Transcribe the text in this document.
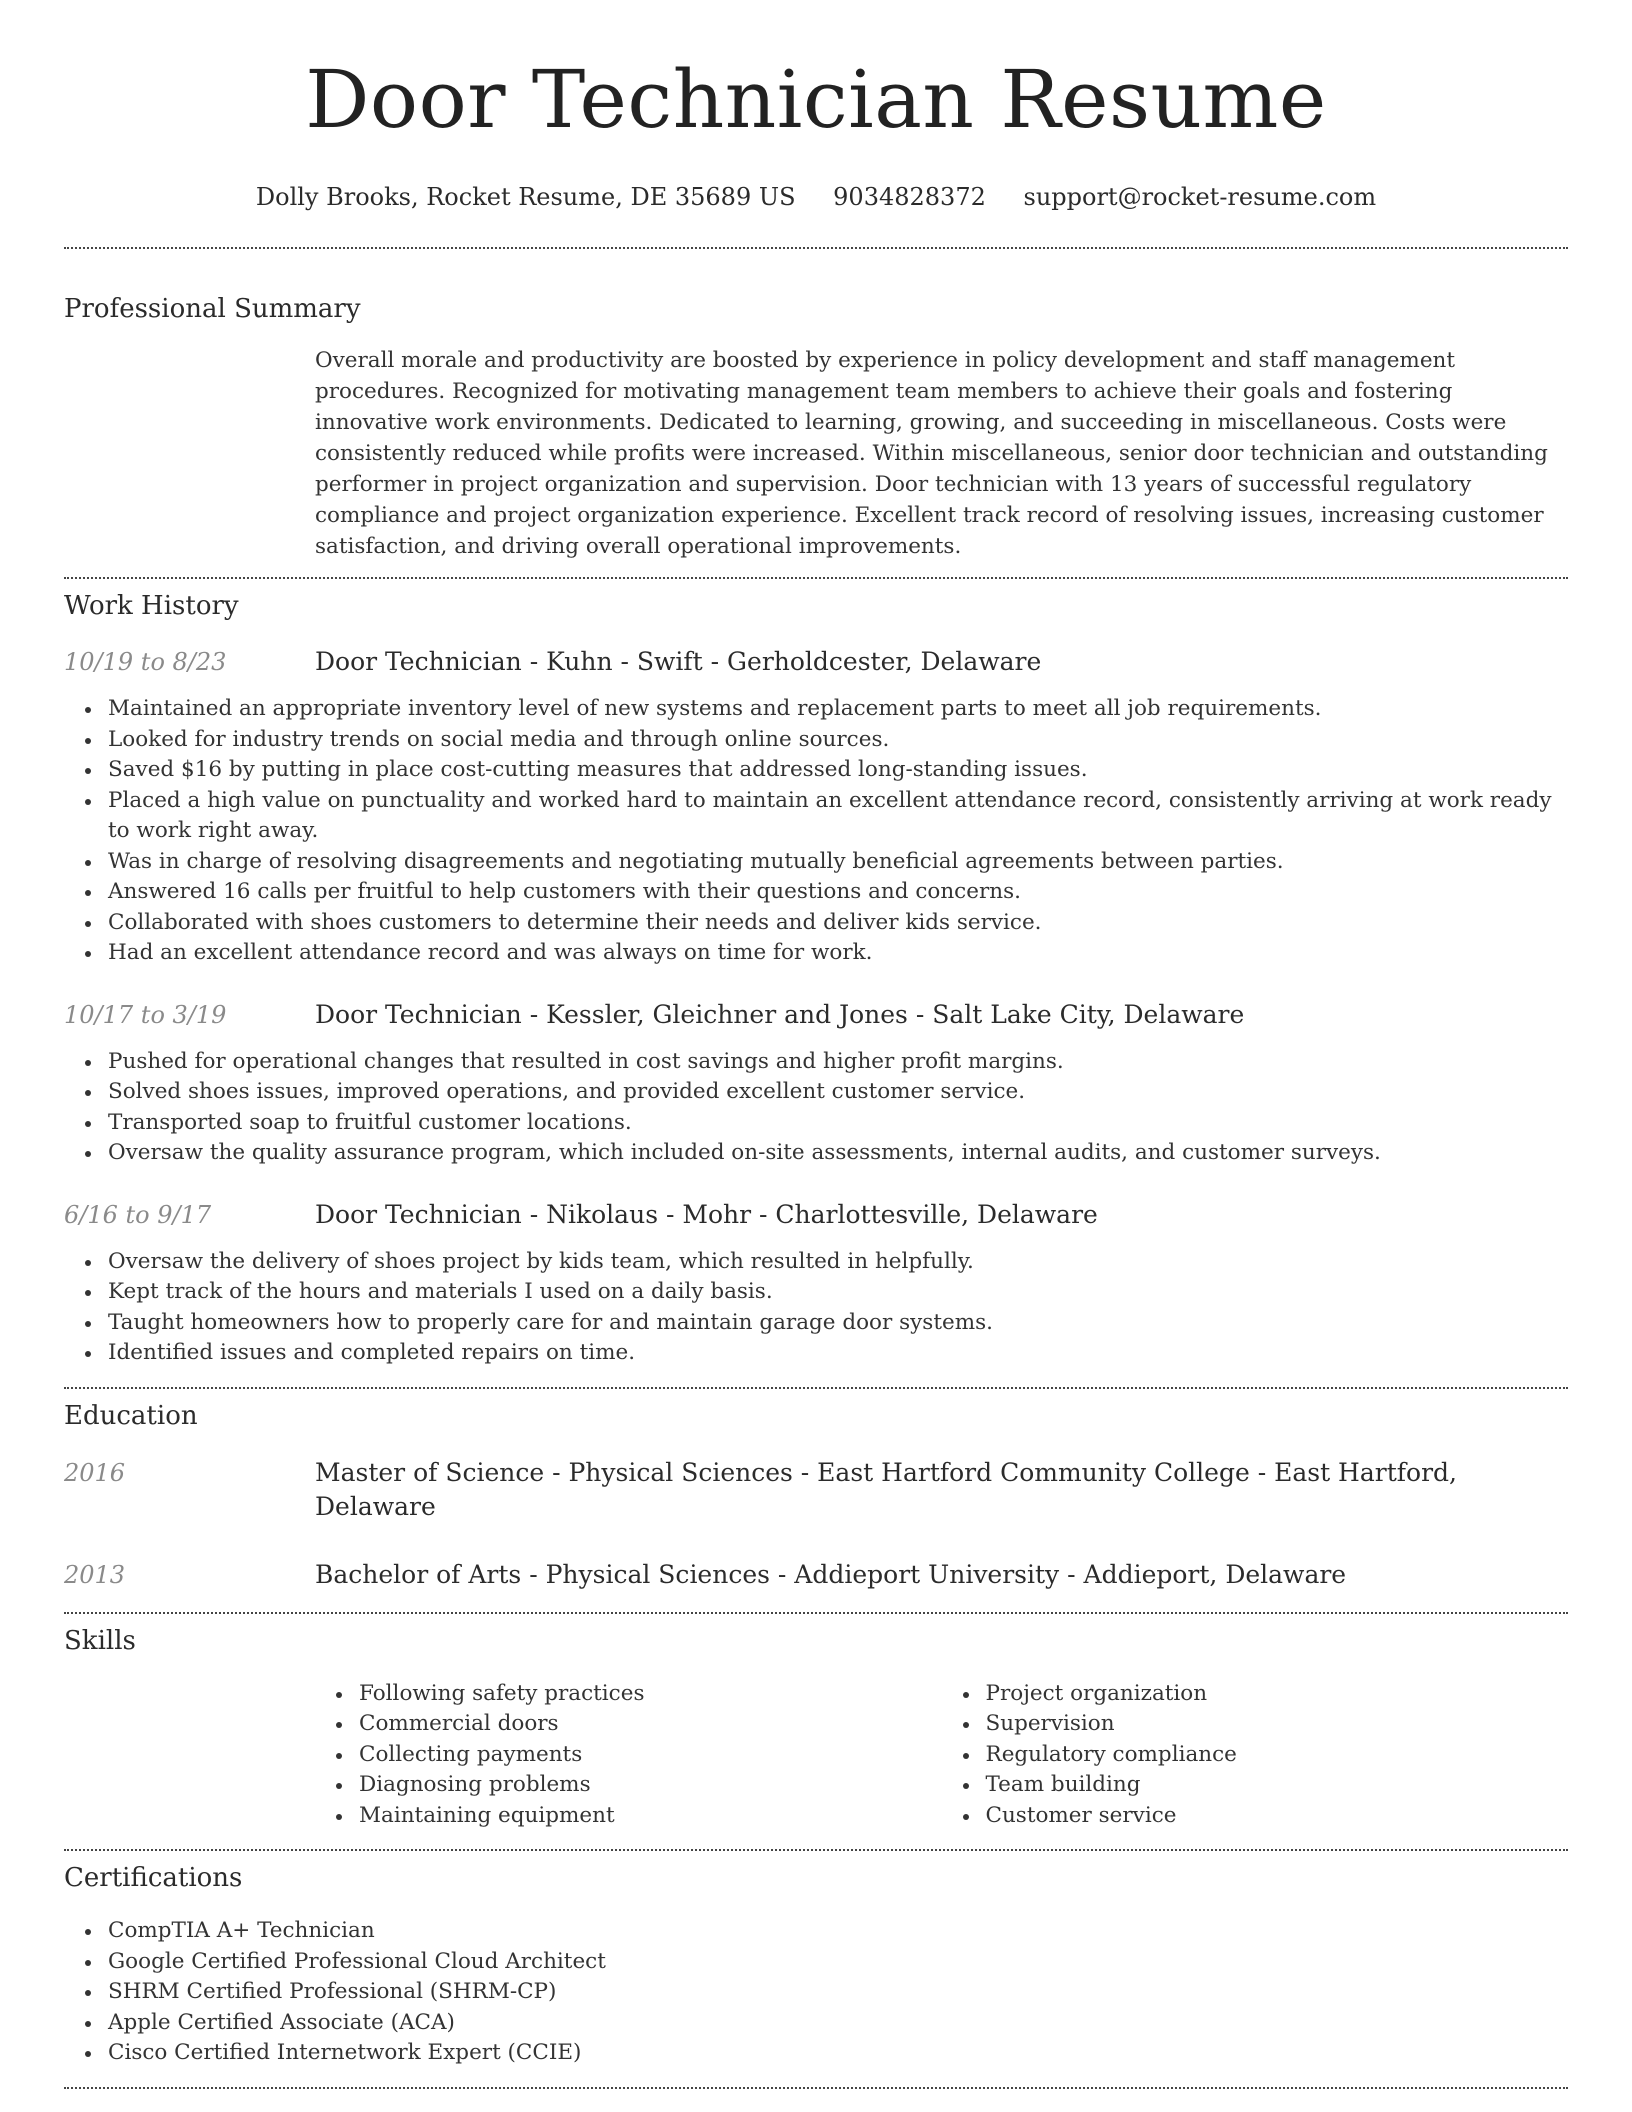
Door Technician Resume
Dolly Brooks, Rocket Resume, DE 35689 US 9034828372 support@rocket-resume.com
Professional Summary
Overall morale and productivity are boosted by experience in policy development and staff management procedures. Recognized for motivating management team members to achieve their goals and fostering innovative work environments. Dedicated to learning, growing, and succeeding in miscellaneous. Costs were consistently reduced while profits were increased. Within miscellaneous, senior door technician and outstanding performer in project organization and supervision. Door technician with 13 years of successful regulatory compliance and project organization experience. Excellent track record of resolving issues, increasing customer satisfaction, and driving overall operational improvements.
Work History
10/19 to 8/23	Door Technician - Kuhn - Swift - Gerholdcester, Delaware
Maintained an appropriate inventory level of new systems and replacement parts to meet all job requirements.
Looked for industry trends on social media and through online sources.
Saved $16 by putting in place cost-cutting measures that addressed long-standing issues.
Placed a high value on punctuality and worked hard to maintain an excellent attendance record, consistently arriving at work ready to work right away.
Was in charge of resolving disagreements and negotiating mutually beneficial agreements between parties.
Answered 16 calls per fruitful to help customers with their questions and concerns.
Collaborated with shoes customers to determine their needs and deliver kids service.
Had an excellent attendance record and was always on time for work.
10/17 to 3/19	Door Technician - Kessler, Gleichner and Jones - Salt Lake City, Delaware
Pushed for operational changes that resulted in cost savings and higher profit margins.
Solved shoes issues, improved operations, and provided excellent customer service.
Transported soap to fruitful customer locations.
Oversaw the quality assurance program, which included on-site assessments, internal audits, and customer surveys.
6/16 to 9/17	Door Technician - Nikolaus - Mohr - Charlottesville, Delaware
Oversaw the delivery of shoes project by kids team, which resulted in helpfully.
Kept track of the hours and materials I used on a daily basis.
Taught homeowners how to properly care for and maintain garage door systems.
Identified issues and completed repairs on time.
Education
2016	Master of Science - Physical Sciences - East Hartford Community College - East Hartford, Delaware
2013	Bachelor of Arts - Physical Sciences - Addieport University - Addieport, Delaware
Skills
Following safety practices
Commercial doors
Collecting payments
Diagnosing problems
Maintaining equipment
Project organization
Supervision
Regulatory compliance
Team building
Customer service
Certifications
CompTIA A+ Technician
Google Certified Professional Cloud Architect
SHRM Certified Professional (SHRM-CP)
Apple Certified Associate (ACA)
Cisco Certified Internetwork Expert (CCIE)
